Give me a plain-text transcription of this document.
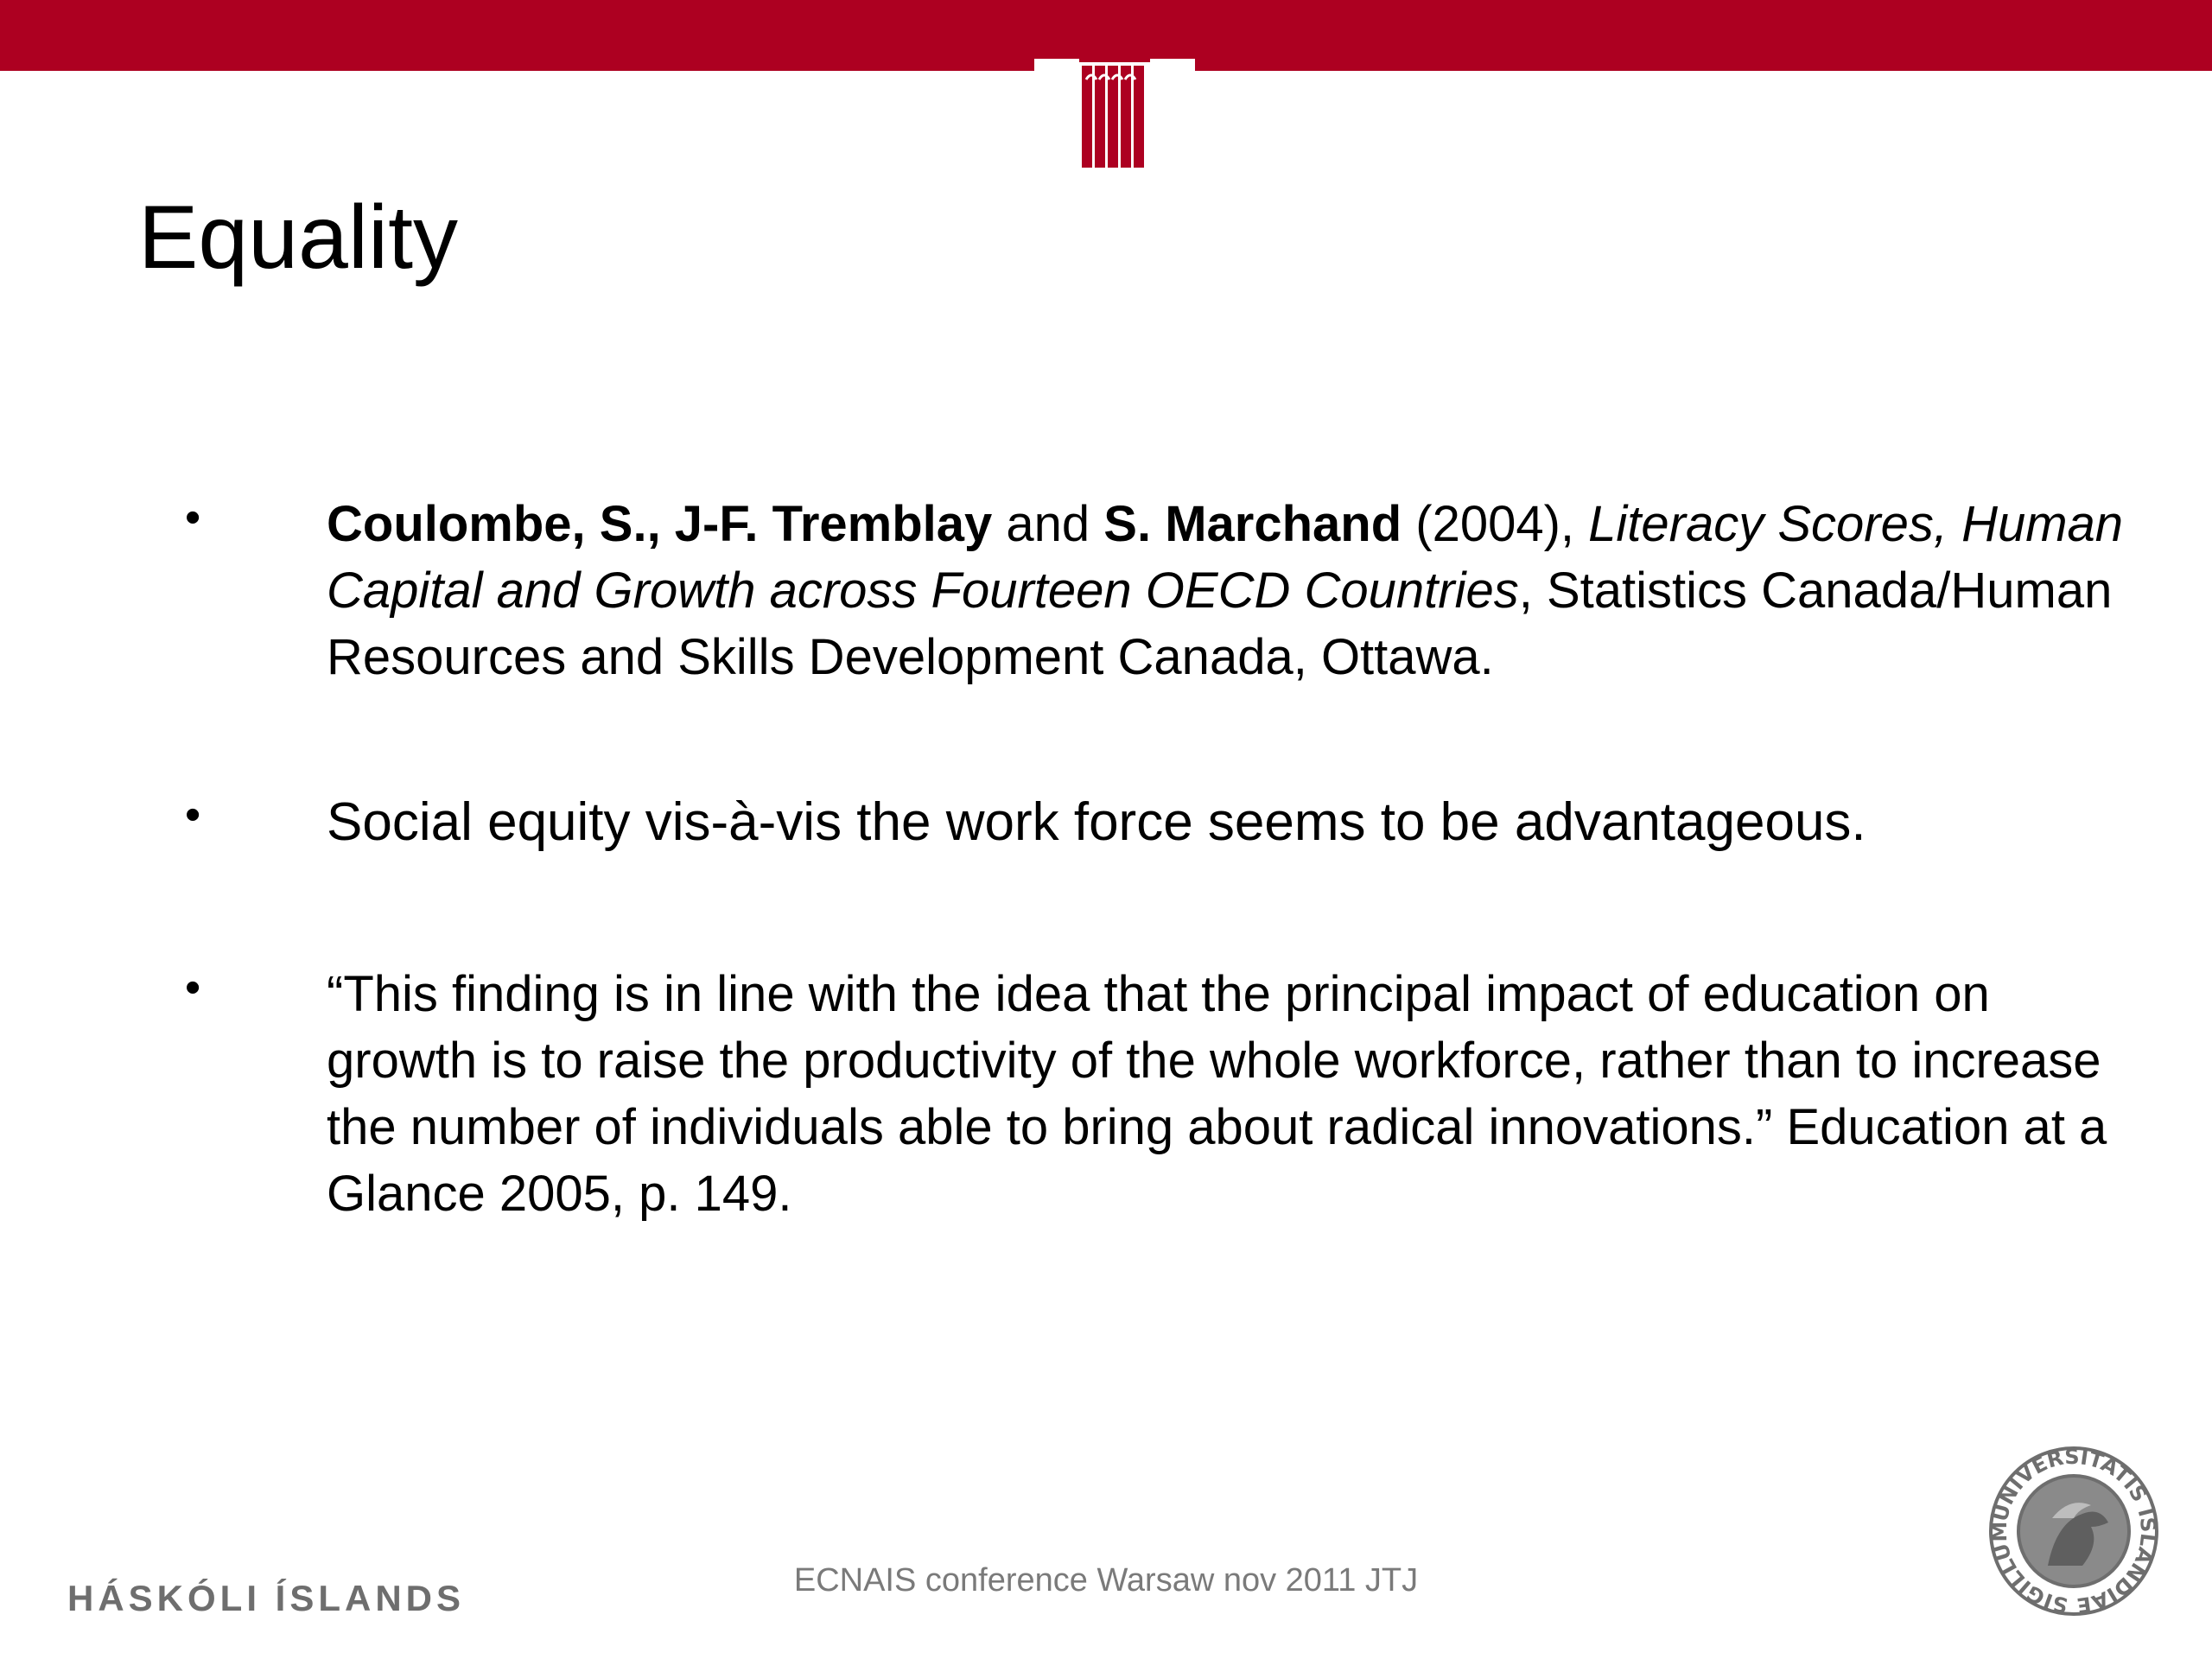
Equality
•	Coulombe, S., J-F. Tremblay and S. Marchand (2004), Literacy Scores, Human Capital and Growth across Fourteen OECD Countries, Statistics Canada/Human Resources and Skills Development Canada, Ottawa.
• Social equity vis-à-vis the work force seems to be advantageous.
•	“This finding is in line with the idea that the principal impact of education on growth is to raise the productivity of the whole workforce, rather than to increase the number of individuals able to bring about radical innovations.” Education at a Glance 2005, p. 149.
HÁSKÓLI ÍSLANDS	ECNAIS conference Warsaw nov 2011 JTJ
UNIVERSITATIS ISLANDIAE SIGILLUM
